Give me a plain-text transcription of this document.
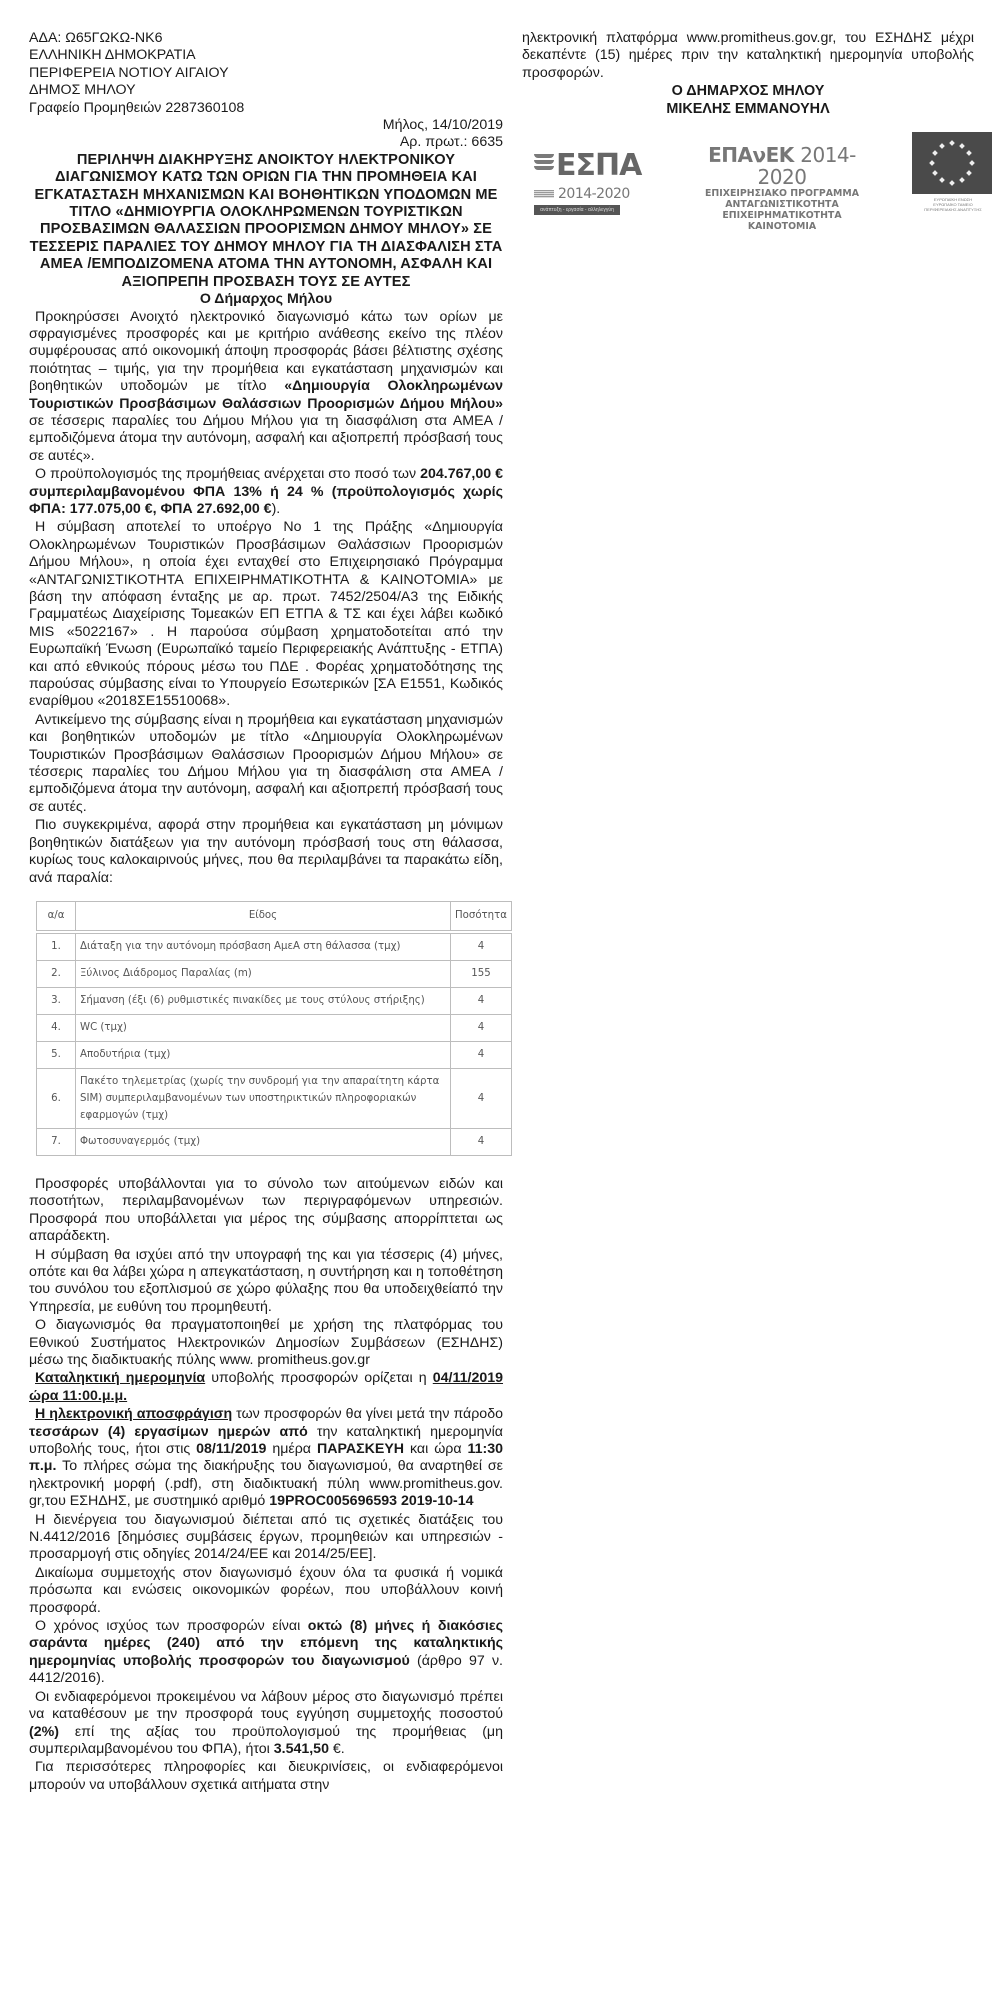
ΑΔΑ: Ω65ΓΩΚΩ-ΝΚ6
ΕΛΛΗΝΙΚΗ ΔΗΜΟΚΡΑΤΙΑ
ΠΕΡΙΦΕΡΕΙΑ ΝΟΤΙΟΥ ΑΙΓΑΙΟΥ
ΔΗΜΟΣ ΜΗΛΟΥ
Γραφείο Προμηθειών 2287360108
Μήλος, 14/10/2019
Αρ. πρωτ.: 6635
ΠΕΡΙΛΗΨΗ ΔΙΑΚΗΡΥΞΗΣ ΑΝΟΙΚΤΟΥ ΗΛΕΚΤΡΟΝΙΚΟΥ ΔΙΑΓΩΝΙΣΜΟΥ ΚΑΤΩ ΤΩΝ ΟΡΙΩΝ ΓΙΑ ΤΗΝ ΠΡΟΜΗΘΕΙΑ ΚΑΙ ΕΓΚΑΤΑΣΤΑΣΗ ΜΗΧΑΝΙΣΜΩΝ ΚΑΙ ΒΟΗΘΗΤΙΚΩΝ ΥΠΟΔΟΜΩΝ ΜΕ ΤΙΤΛΟ «ΔΗΜΙΟΥΡΓΙΑ ΟΛΟΚΛΗΡΩΜΕΝΩΝ ΤΟΥΡΙΣΤΙΚΩΝ ΠΡΟΣΒΑΣΙΜΩΝ ΘΑΛΑΣΣΙΩΝ ΠΡΟΟΡΙΣΜΩΝ ΔΗΜΟΥ ΜΗΛΟΥ» ΣΕ ΤΕΣΣΕΡΙΣ ΠΑΡΑΛΙΕΣ ΤΟΥ ΔΗΜΟΥ ΜΗΛΟΥ ΓΙΑ ΤΗ ΔΙΑΣΦΑΛΙΣΗ ΣΤΑ ΑΜΕΑ /ΕΜΠΟΔΙΖΟΜΕΝΑ ΑΤΟΜΑ ΤΗΝ ΑΥΤΟΝΟΜΗ, ΑΣΦΑΛΗ ΚΑΙ ΑΞΙΟΠΡΕΠΗ ΠΡΟΣΒΑΣΗ ΤΟΥΣ ΣΕ ΑΥΤΕΣ
Ο Δήμαρχος Μήλου

Προκηρύσσει Ανοιχτό ηλεκτρονικό διαγωνισμό κάτω των ορίων με σφραγισμένες προσφορές και με κριτήριο ανάθεσης εκείνο της πλέον συμφέρουσας από οικονομική άποψη προσφοράς βάσει βέλτιστης σχέσης ποιότητας – τιμής, για την προμήθεια και εγκατάσταση μηχανισμών και βοηθητικών υποδομών με τίτλο «Δημιουργία Ολοκληρωμένων Τουριστικών Προσβάσιμων Θαλάσσιων Προορισμών Δήμου Μήλου» σε τέσσερις παραλίες του Δήμου Μήλου για τη διασφάλιση στα ΑΜΕΑ /εμποδιζόμενα άτομα την αυτόνομη, ασφαλή και αξιοπρεπή πρόσβασή τους σε αυτές».

Ο προϋπολογισμός της προμήθειας ανέρχεται στο ποσό των 204.767,00 € συμπεριλαμβανομένου ΦΠΑ 13% ή 24 % (προϋπολογισμός χωρίς ΦΠΑ: 177.075,00 €, ΦΠΑ 27.692,00 €).

Η σύμβαση αποτελεί το υποέργο Νο 1 της Πράξης «Δημιουργία Ολοκληρωμένων Τουριστικών Προσβάσιμων Θαλάσσιων Προορισμών Δήμου Μήλου», η οποία έχει ενταχθεί στο Επιχειρησιακό Πρόγραμμα «ΑΝΤΑΓΩΝΙΣΤΙΚΟΤΗΤΑ ΕΠΙΧΕΙΡΗΜΑΤΙΚΟΤΗΤΑ & ΚΑΙΝΟΤΟΜΙΑ» με βάση την απόφαση ένταξης με αρ. πρωτ. 7452/2504/Α3 της Ειδικής Γραμματέως Διαχείρισης Τομεακών ΕΠ ΕΤΠΑ & ΤΣ και έχει λάβει κωδικό MIS «5022167» . Η παρούσα σύμβαση χρηματοδοτείται από την Ευρωπαϊκή Ένωση (Ευρωπαϊκό ταμείο Περιφερειακής Ανάπτυξης - ΕΤΠΑ) και από εθνικούς πόρους μέσω του ΠΔΕ . Φορέας χρηματοδότησης της παρούσας σύμβασης είναι το Υπουργείο Εσωτερικών [ΣΑ Ε1551, Κωδικός εναρίθμου «2018ΣΕ15510068».

Αντικείμενο της σύμβασης είναι η προμήθεια και εγκατάσταση μηχανισμών και βοηθητικών υποδομών με τίτλο «Δημιουργία Ολοκληρωμένων Τουριστικών Προσβάσιμων Θαλάσσιων Προορισμών Δήμου Μήλου» σε τέσσερις παραλίες του Δήμου Μήλου για τη διασφάλιση στα ΑΜΕΑ / εμποδιζόμενα άτομα την αυτόνομη, ασφαλή και αξιοπρεπή πρόσβασή τους σε αυτές.

Πιο συγκεκριμένα, αφορά στην προμήθεια και εγκατάσταση μη μόνιμων βοηθητικών διατάξεων για την αυτόνομη πρόσβασή τους στη θάλασσα, κυρίως τους καλοκαιρινούς μήνες, που θα περιλαμβάνει τα παρακάτω είδη, ανά παραλία:

α/α	Είδος	Ποσότητα

1.	Διάταξη για την αυτόνομη πρόσβαση ΑμεΑ στη θάλασσα (τμχ)	4
2.	Ξύλινος Διάδρομος Παραλίας (m)	155
3.	Σήμανση (έξι (6) ρυθμιστικές πινακίδες με τους στύλους στήριξης)	4
4.	WC (τμχ)	4
5.	Αποδυτήρια (τμχ)	4
6.	Πακέτο τηλεμετρίας (χωρίς την συνδρομή για την απαραίτητη κάρτα SIM) συμπεριλαμβανομένων των υποστηρικτικών πληροφοριακών εφαρμογών (τμχ)	4
7.	Φωτοσυναγερμός (τμχ)	4

Προσφορές υποβάλλονται για το σύνολο των αιτούμενων ειδών και ποσοτήτων, περιλαμβανομένων των περιγραφόμενων υπηρεσιών. Προσφορά που υποβάλλεται για μέρος της σύμβασης απορρίπτεται ως απαράδεκτη.

Η σύμβαση θα ισχύει από την υπογραφή της και για τέσσερις (4) μήνες, οπότε και θα λάβει χώρα η απεγκατάσταση, η συντήρηση και η τοποθέτηση του συνόλου του εξοπλισμού σε χώρο φύλαξης που θα υποδειχθείαπό την Υπηρεσία, με ευθύνη του προμηθευτή.

Ο διαγωνισμός θα πραγματοποιηθεί με χρήση της πλατφόρμας του Εθνικού Συστήματος Ηλεκτρονικών Δημοσίων Συμβάσεων (ΕΣΗΔΗΣ) μέσω της διαδικτυακής πύλης www. promitheus.gov.gr

Καταληκτική ημερομηνία υποβολής προσφορών ορίζεται η 04/11/2019 ώρα 11:00.μ.μ.

Η ηλεκτρονική αποσφράγιση των προσφορών θα γίνει μετά την πάροδο τεσσάρων (4) εργασίμων ημερών από την καταληκτική ημερομηνία υποβολής τους, ήτοι στις 08/11/2019 ημέρα ΠΑΡΑΣΚΕΥΗ και ώρα 11:30 π.μ. Το πλήρες σώμα της διακήρυξης του διαγωνισμού, θα αναρτηθεί σε ηλεκτρονική μορφή (.pdf), στη διαδικτυακή πύλη www.promitheus.gov. gr,του ΕΣΗΔΗΣ, με συστημικό αριθμό 19PROC005696593 2019-10-14

Η διενέργεια του διαγωνισμού διέπεται από τις σχετικές διατάξεις του Ν.4412/2016 [δημόσιες συμβάσεις έργων, προμηθειών και υπηρεσιών - προσαρμογή στις οδηγίες 2014/24/ΕΕ και 2014/25/ΕΕ].

Δικαίωμα συμμετοχής στον διαγωνισμό έχουν όλα τα φυσικά ή νομικά πρόσωπα και ενώσεις οικονομικών φορέων, που υποβάλλουν κοινή προσφορά.

Ο χρόνος ισχύος των προσφορών είναι οκτώ (8) μήνες ή διακόσιες σαράντα ημέρες (240) από την επόμενη της καταληκτικής ημερομηνίας υποβολής προσφορών του διαγωνισμού (άρθρο 97 ν. 4412/2016).

Οι ενδιαφερόμενοι προκειμένου να λάβουν μέρος στο διαγωνισμό πρέπει να καταθέσουν με την προσφορά τους εγγύηση συμμετοχής ποσοστού (2%) επί της αξίας του προϋπολογισμού της προμήθειας (μη συμπεριλαμβανομένου του ΦΠΑ), ήτοι 3.541,50 €.

Για περισσότερες πληροφορίες και διευκρινίσεις, οι ενδιαφερόμενοι μπορούν να υποβάλλουν σχετικά αιτήματα στην

ηλεκτρονική πλατφόρμα www.promitheus.gov.gr, του ΕΣΗΔΗΣ μέχρι δεκαπέντε (15) ημέρες πριν την καταληκτική ημερομηνία υποβολής προσφορών.

Ο ΔΗΜΑΡΧΟΣ ΜΗΛΟΥ
ΜΙΚΕΛΗΣ ΕΜΜΑΝΟΥΗΛ
ΕΣΠΑ
2014-2020
ανάπτυξη - εργασία - αλληλεγγύη
ΕΠΑνΕΚ 2014-2020
ΕΠΙΧΕΙΡΗΣΙΑΚΟ ΠΡΟΓΡΑΜΜΑ
ΑΝΤΑΓΩΝΙΣΤΙΚΟΤΗΤΑ
ΕΠΙΧΕΙΡΗΜΑΤΙΚΟΤΗΤΑ
ΚΑΙΝΟΤΟΜΙΑ
ΕΥΡΩΠΑΪΚΗ ΕΝΩΣΗ
ΕΥΡΩΠΑΪΚΟ ΤΑΜΕΙΟ
ΠΕΡΙΦΕΡΕΙΑΚΗΣ ΑΝΑΠΤΥΞΗΣ
